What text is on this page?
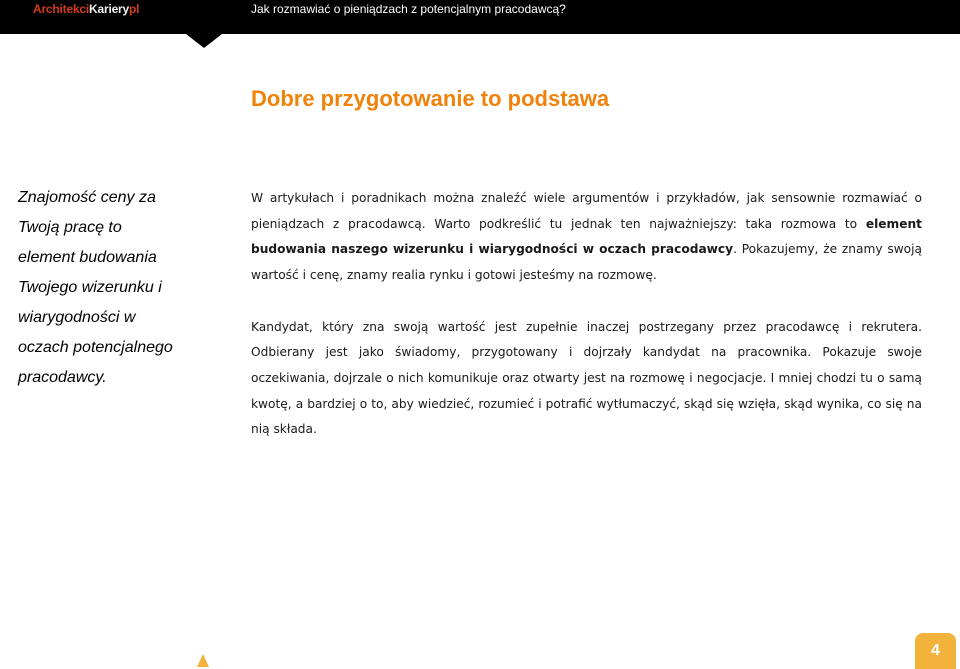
ArchitekciKarierypl	Jak rozmawiać o pieniądzach z potencjalnym pracodawcą?
Dobre przygotowanie to podstawa
Znajomość ceny za
Twoją pracę to
element budowania
Twojego wizerunku i
wiarygodności w
oczach potencjalnego
pracodawcy.

W artykułach i poradnikach można znaleźć wiele argumentów i przykładów, jak sensownie rozmawiać o pieniądzach z pracodawcą. Warto podkreślić tu jednak ten najważniejszy: taka rozmowa to element budowania naszego wizerunku i wiarygodności w oczach pracodawcy. Pokazujemy, że znamy swoją wartość i cenę, znamy realia rynku i gotowi jesteśmy na rozmowę.

Kandydat, który zna swoją wartość jest zupełnie inaczej postrzegany przez pracodawcę i rekrutera. Odbierany jest jako świadomy, przygotowany i dojrzały kandydat na pracownika. Pokazuje swoje oczekiwania, dojrzale o nich komunikuje oraz otwarty jest na rozmowę i negocjacje. I mniej chodzi tu o samą kwotę, a bardziej o to, aby wiedzieć, rozumieć i potrafić wytłumaczyć, skąd się wzięła, skąd wynika, co się na nią składa.

4
